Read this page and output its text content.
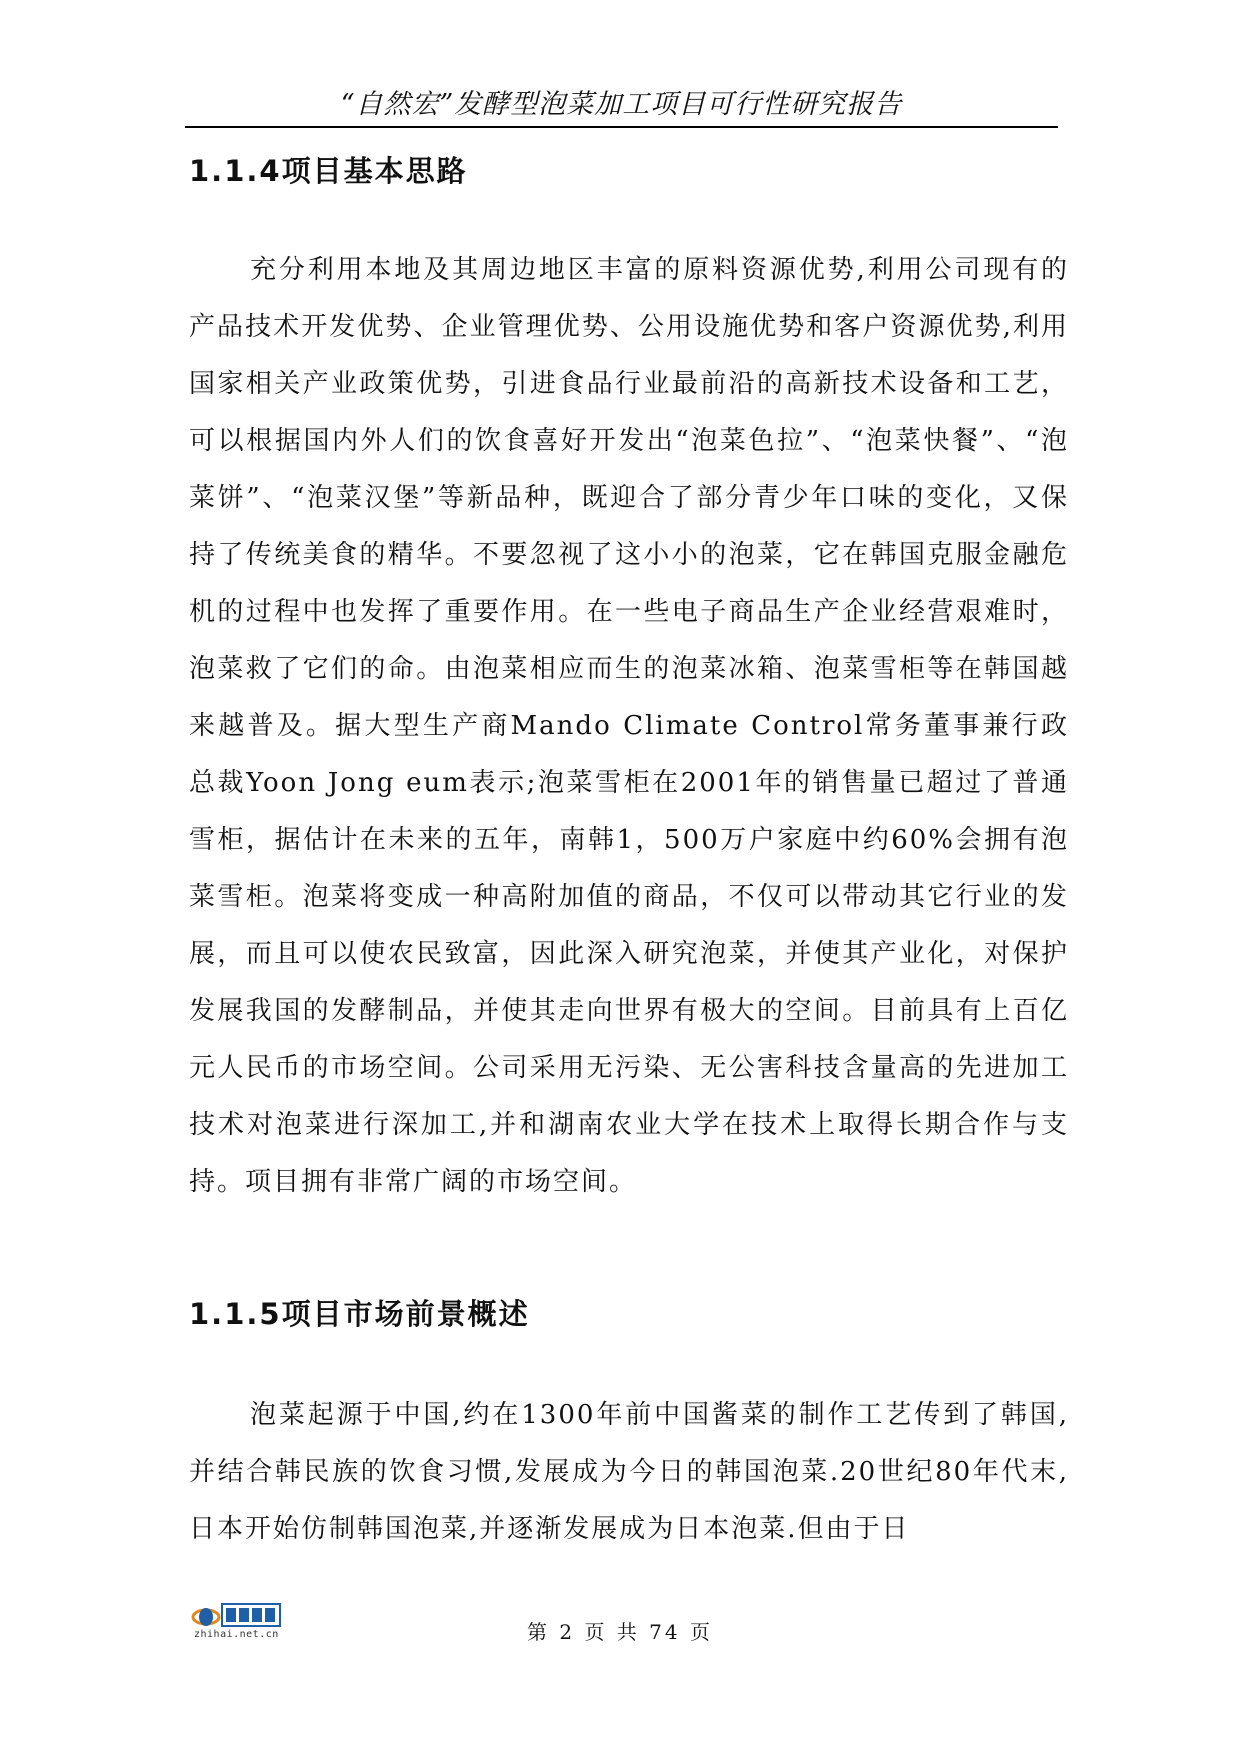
“自然宏”发酵型泡菜加工项目可行性研究报告
1.1.4项目基本思路
充分利用本地及其周边地区丰富的原料资源优势,利用公司现有的产品技术开发优势、企业管理优势、公用设施优势和客户资源优势,利用国家相关产业政策优势，引进食品行业最前沿的高新技术设备和工艺，可以根据国内外人们的饮食喜好开发出“泡菜色拉”、“泡菜快餐”、“泡菜饼”、“泡菜汉堡”等新品种，既迎合了部分青少年口味的变化，又保持了传统美食的精华。不要忽视了这小小的泡菜，它在韩国克服金融危机的过程中也发挥了重要作用。在一些电子商品生产企业经营艰难时，泡菜救了它们的命。由泡菜相应而生的泡菜冰箱、泡菜雪柜等在韩国越来越普及。据大型生产商Mando Climate Control常务董事兼行政总裁Yoon Jong eum表示;泡菜雪柜在2001年的销售量已超过了普通雪柜，据估计在未来的五年，南韩1，500万户家庭中约60%会拥有泡菜雪柜。泡菜将变成一种高附加值的商品，不仅可以带动其它行业的发展，而且可以使农民致富，因此深入研究泡菜，并使其产业化，对保护发展我国的发酵制品，并使其走向世界有极大的空间。目前具有上百亿元人民币的市场空间。公司采用无污染、无公害科技含量高的先进加工技术对泡菜进行深加工,并和湖南农业大学在技术上取得长期合作与支持。项目拥有非常广阔的市场空间。
1.1.5项目市场前景概述
泡菜起源于中国,约在1300年前中国酱菜的制作工艺传到了韩国,并结合韩民族的饮食习惯,发展成为今日的韩国泡菜.20世纪80年代末,日本开始仿制韩国泡菜,并逐渐发展成为日本泡菜.但由于日
zhihai.net.cn	第 2 页 共 74 页
